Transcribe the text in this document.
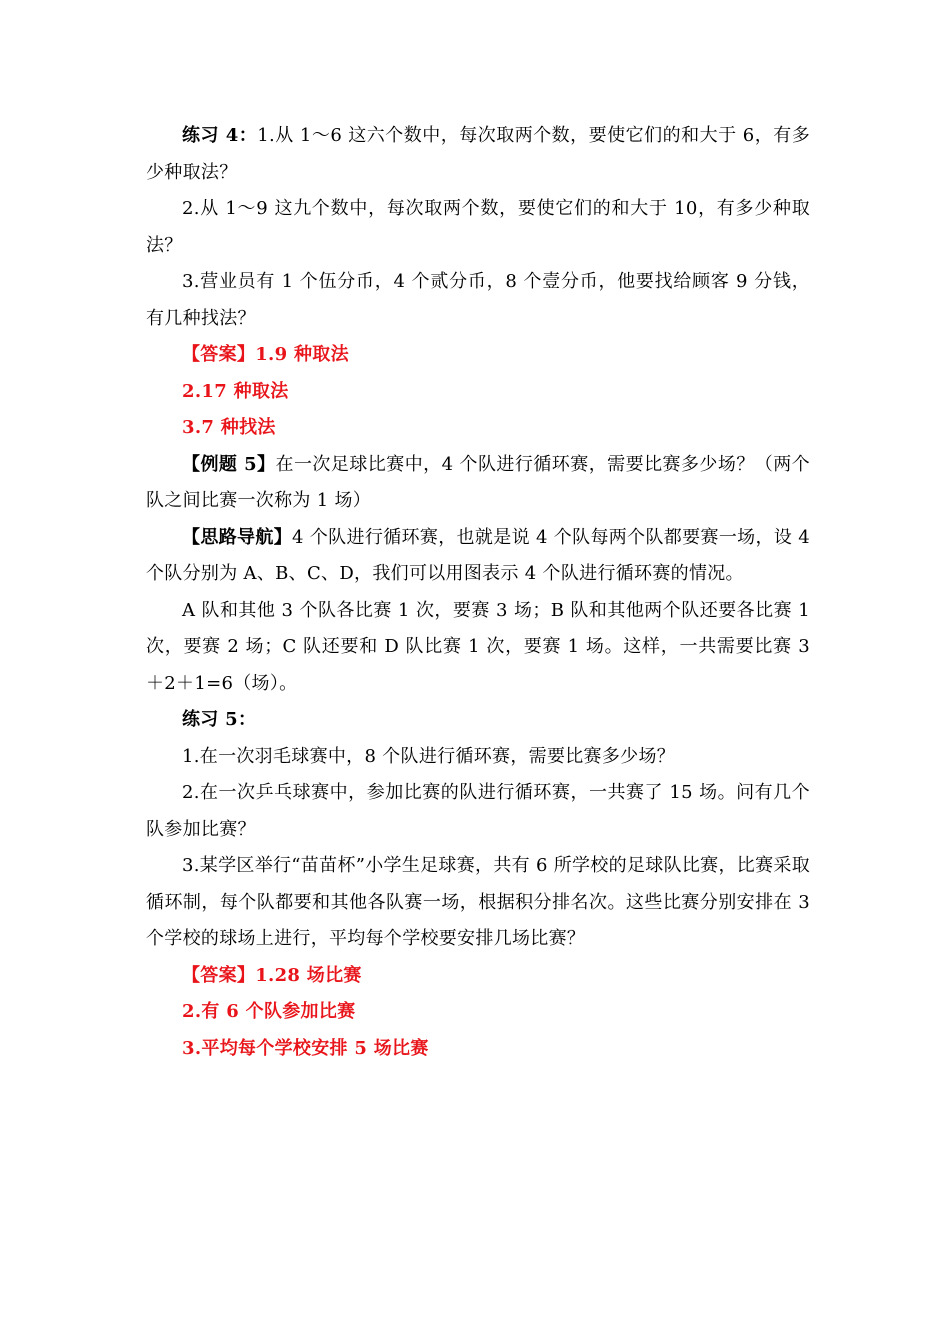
练习 4：1.从 1～6 这六个数中，每次取两个数，要使它们的和大于 6，有多少种取法？

2.从 1～9 这九个数中，每次取两个数，要使它们的和大于 10，有多少种取法？

3.营业员有 1 个伍分币，4 个贰分币，8 个壹分币，他要找给顾客 9 分钱，有几种找法？

【答案】1.9 种取法

2.17 种取法

3.7 种找法

【例题 5】在一次足球比赛中，4 个队进行循环赛，需要比赛多少场？（两个队之间比赛一次称为 1 场）

【思路导航】4 个队进行循环赛，也就是说 4 个队每两个队都要赛一场，设 4 个队分别为 A、B、C、D，我们可以用图表示 4 个队进行循环赛的情况。

A 队和其他 3 个队各比赛 1 次，要赛 3 场；B 队和其他两个队还要各比赛 1 次，要赛 2 场；C 队还要和 D 队比赛 1 次，要赛 1 场。这样，一共需要比赛 3＋2＋1=6（场）。

练习 5：

1.在一次羽毛球赛中，8 个队进行循环赛，需要比赛多少场？

2.在一次乒乓球赛中，参加比赛的队进行循环赛，一共赛了 15 场。问有几个队参加比赛？

3.某学区举行“苗苗杯”小学生足球赛，共有 6 所学校的足球队比赛，比赛采取循环制，每个队都要和其他各队赛一场，根据积分排名次。这些比赛分别安排在 3 个学校的球场上进行，平均每个学校要安排几场比赛？

【答案】1.28 场比赛

2.有 6 个队参加比赛

3.平均每个学校安排 5 场比赛
